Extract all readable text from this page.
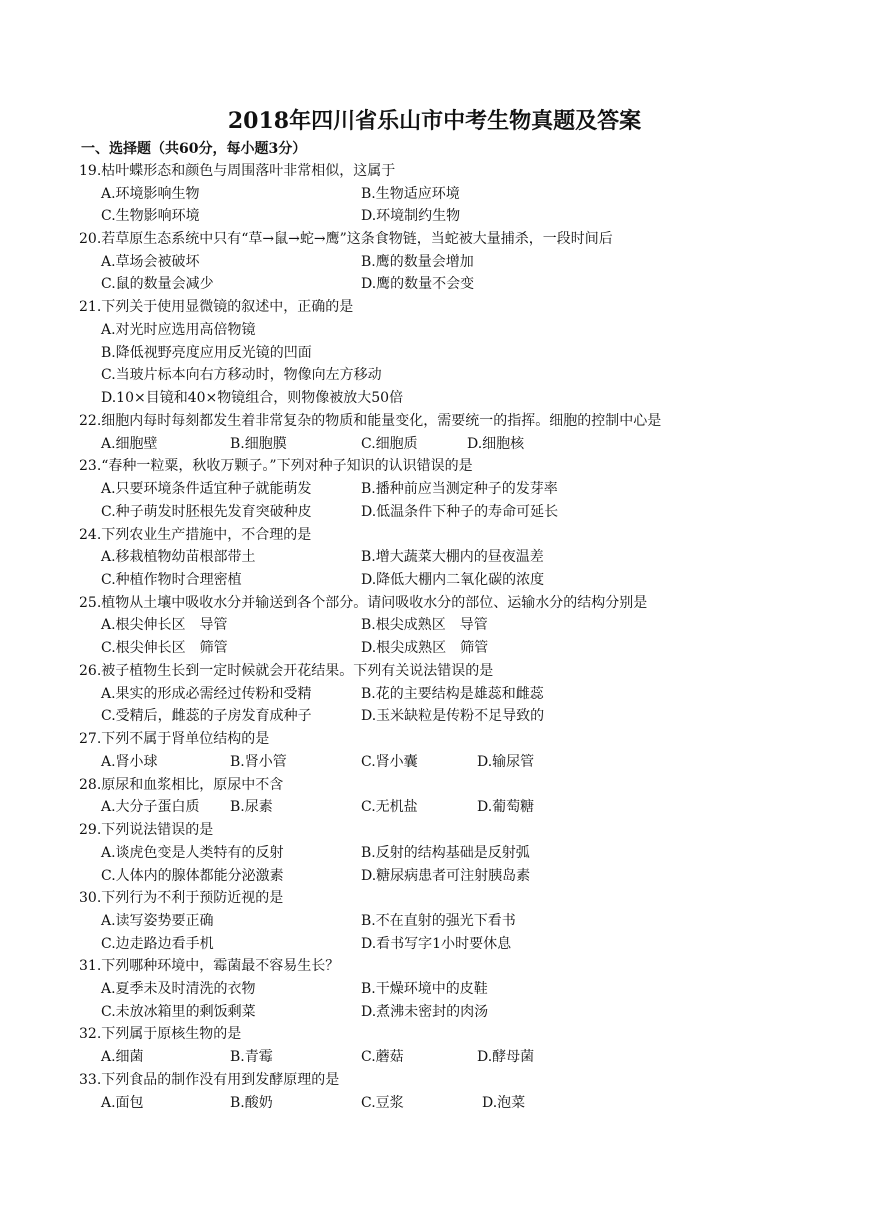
2018年四川省乐山市中考生物真题及答案
一、选择题（共60分，每小题3分）
19.枯叶蝶形态和颜色与周围落叶非常相似，这属于
A.环境影响生物	B.生物适应环境
C.生物影响环境	D.环境制约生物
20.若草原生态系统中只有“草→鼠→蛇→鹰”这条食物链，当蛇被大量捕杀，一段时间后
A.草场会被破坏	B.鹰的数量会增加
C.鼠的数量会减少	D.鹰的数量不会变
21.下列关于使用显微镜的叙述中，正确的是
A.对光时应选用高倍物镜
B.降低视野亮度应用反光镜的凹面
C.当玻片标本向右方移动时，物像向左方移动
D.10×目镜和40×物镜组合，则物像被放大50倍
22.细胞内每时每刻都发生着非常复杂的物质和能量变化，需要统一的指挥。细胞的控制中心是
A.细胞壁	B.细胞膜	C.细胞质	D.细胞核
23.“春种一粒粟，秋收万颗子。”下列对种子知识的认识错误的是
A.只要环境条件适宜种子就能萌发	B.播种前应当测定种子的发芽率
C.种子萌发时胚根先发育突破种皮	D.低温条件下种子的寿命可延长
24.下列农业生产措施中，不合理的是
A.移栽植物幼苗根部带土	B.增大蔬菜大棚内的昼夜温差
C.种植作物时合理密植	D.降低大棚内二氧化碳的浓度
25.植物从土壤中吸收水分并输送到各个部分。请问吸收水分的部位、运输水分的结构分别是
A.根尖伸长区　导管	B.根尖成熟区　导管
C.根尖伸长区　筛管	D.根尖成熟区　筛管
26.被子植物生长到一定时候就会开花结果。下列有关说法错误的是
A.果实的形成必需经过传粉和受精	B.花的主要结构是雄蕊和雌蕊
C.受精后，雌蕊的子房发育成种子	D.玉米缺粒是传粉不足导致的
27.下列不属于肾单位结构的是
A.肾小球	B.肾小管	C.肾小囊	D.输尿管
28.原尿和血浆相比，原尿中不含
A.大分子蛋白质 B.尿素	C.无机盐	D.葡萄糖
29.下列说法错误的是
A.谈虎色变是人类特有的反射	B.反射的结构基础是反射弧
C.人体内的腺体都能分泌激素	D.糖尿病患者可注射胰岛素
30.下列行为不利于预防近视的是
A.读写姿势要正确	B.不在直射的强光下看书
C.边走路边看手机	D.看书写字1小时要休息
31.下列哪种环境中，霉菌最不容易生长？
A.夏季未及时清洗的衣物	B.干燥环境中的皮鞋
C.未放冰箱里的剩饭剩菜	D.煮沸未密封的肉汤
32.下列属于原核生物的是
A.细菌	B.青霉	C.蘑菇	D.酵母菌
33.下列食品的制作没有用到发酵原理的是
A.面包	B.酸奶	C.豆浆	D.泡菜
